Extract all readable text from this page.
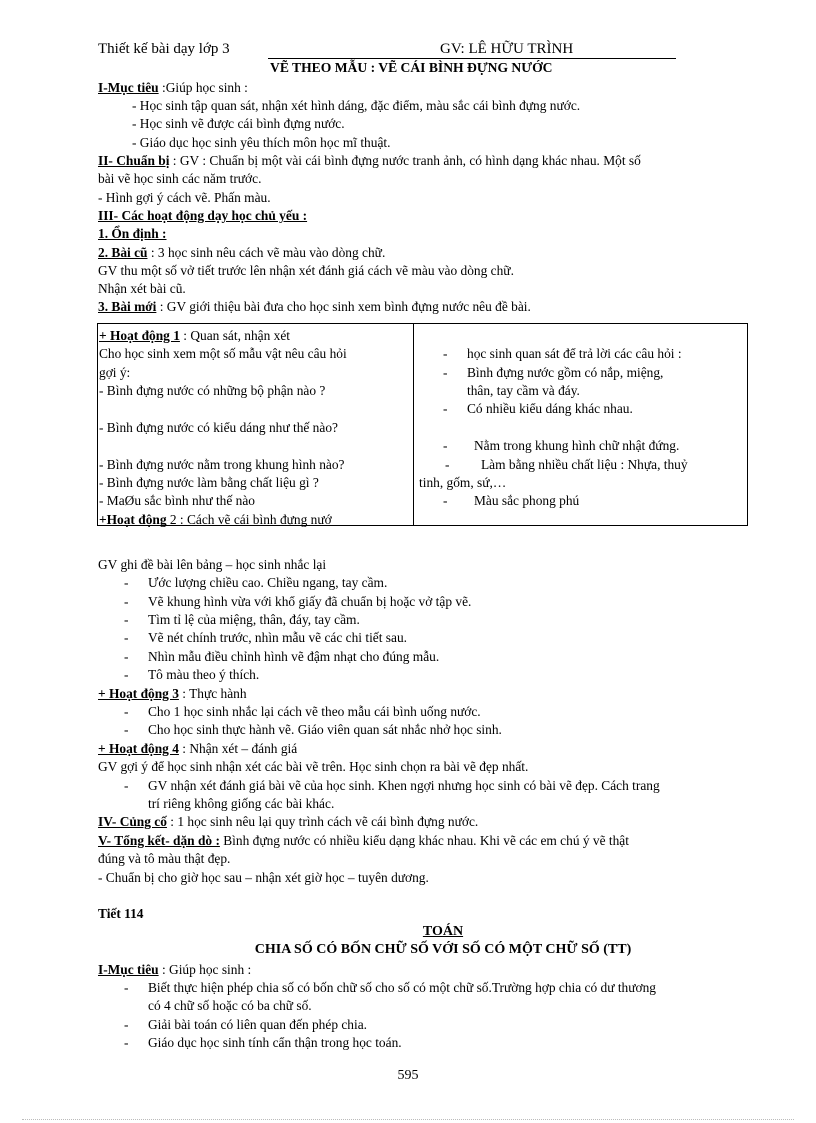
Thiết kế bài dạy lớp 3	GV: LÊ HỮU TRÌNH
VẼ THEO MẪU : VẼ CÁI BÌNH ĐỰNG NƯỚC
I-Mục tiêu :Giúp học sinh :
- Học sinh tập quan sát, nhận xét hình dáng, đặc điểm, màu sắc cái bình đựng nước.
- Học sinh vẽ được cái bình đựng nước.
- Giáo dục học sinh yêu thích môn học mĩ thuật.
II- Chuẩn bị : GV : Chuẩn bị một vài cái bình đựng nước tranh ảnh, có hình dạng khác nhau. Một số
bài vẽ học sinh các năm trước.
- Hình gợi ý cách vẽ. Phấn màu.
III- Các hoạt động dạy học chủ yếu :
1. Ổn định :
2. Bài cũ : 3 học sinh nêu cách vẽ màu vào dòng chữ.
GV thu một số vở tiết trước lên nhận xét đánh giá cách vẽ màu vào dòng chữ.
Nhận xét bài cũ.
3. Bài mới : GV giới thiệu bài đưa cho học sinh xem bình đựng nước nêu đề bài.
+ Hoạt động 1 : Quan sát, nhận xét
Cho học sinh xem một số mẫu vật nêu câu hỏi
gợi ý:
- Bình đựng nước có những bộ phận nào ?
- Bình đựng nước có kiểu dáng như thế nào?
- Bình đựng nước nằm trong khung hình nào?
- Bình đựng nước làm bằng chất liệu gì ?
- MaØu sắc bình như thế nào
+Hoạt động 2 : Cách vẽ cái bình đựng nướ
- học sinh quan sát để trả lời các câu hỏi :
- Bình đựng nước gồm có nắp, miệng,
thân, tay cầm và đáy.
- Có nhiều kiểu dáng khác nhau.
- Nằm trong khung hình chữ nhật đứng.
- Làm bằng nhiều chất liệu : Nhựa, thuỷ
tinh, gốm, sứ,…
- Màu sắc phong phú
GV ghi đề bài lên bảng – học sinh nhắc lại
- Ước lượng chiều cao. Chiều ngang, tay cầm.
- Vẽ khung hình vừa với khổ giấy đã chuẩn bị hoặc vở tập vẽ.
- Tìm tỉ lệ của miệng, thân, đáy, tay cầm.
- Vẽ nét chính trước, nhìn mẫu vẽ các chi tiết sau.
- Nhìn mẫu điều chỉnh hình vẽ đậm nhạt cho đúng mẫu.
- Tô màu theo ý thích.
+ Hoạt động 3 : Thực hành
- Cho 1 học sinh nhắc lại cách vẽ theo mẫu cái bình uống nước.
- Cho học sinh thực hành vẽ. Giáo viên quan sát nhắc nhở học sinh.
+ Hoạt động 4 : Nhận xét – đánh giá
GV gợi ý để học sinh nhận xét các bài vẽ trên. Học sinh chọn ra bài vẽ đẹp nhất.
- GV nhận xét đánh giá bài vẽ của học sinh. Khen ngợi nhưng học sinh có bài vẽ đẹp. Cách trang
trí riêng không giống các bài khác.
IV- Củng cố : 1 học sinh nêu lại quy trình cách vẽ cái bình đựng nước.
V- Tổng kết- dặn dò : Bình đựng nước có nhiều kiểu dạng khác nhau. Khi vẽ các em chú ý vẽ thật
đúng và tô màu thật đẹp.
- Chuẩn bị cho giờ học sau – nhận xét giờ học – tuyên dương.
Tiết 114
TOÁN
CHIA SỐ CÓ BỐN CHỮ SỐ VỚI SỐ CÓ MỘT CHỮ SỐ (TT)
I-Mục tiêu : Giúp học sinh :
- Biết thực hiện phép chia số có bốn chữ số cho số có một chữ số.Trường hợp chia có dư thương
có 4 chữ số hoặc có ba chữ số.
- Giải bài toán có liên quan đến phép chia.
- Giáo dục học sinh tính cẩn thận trong học toán.
595
